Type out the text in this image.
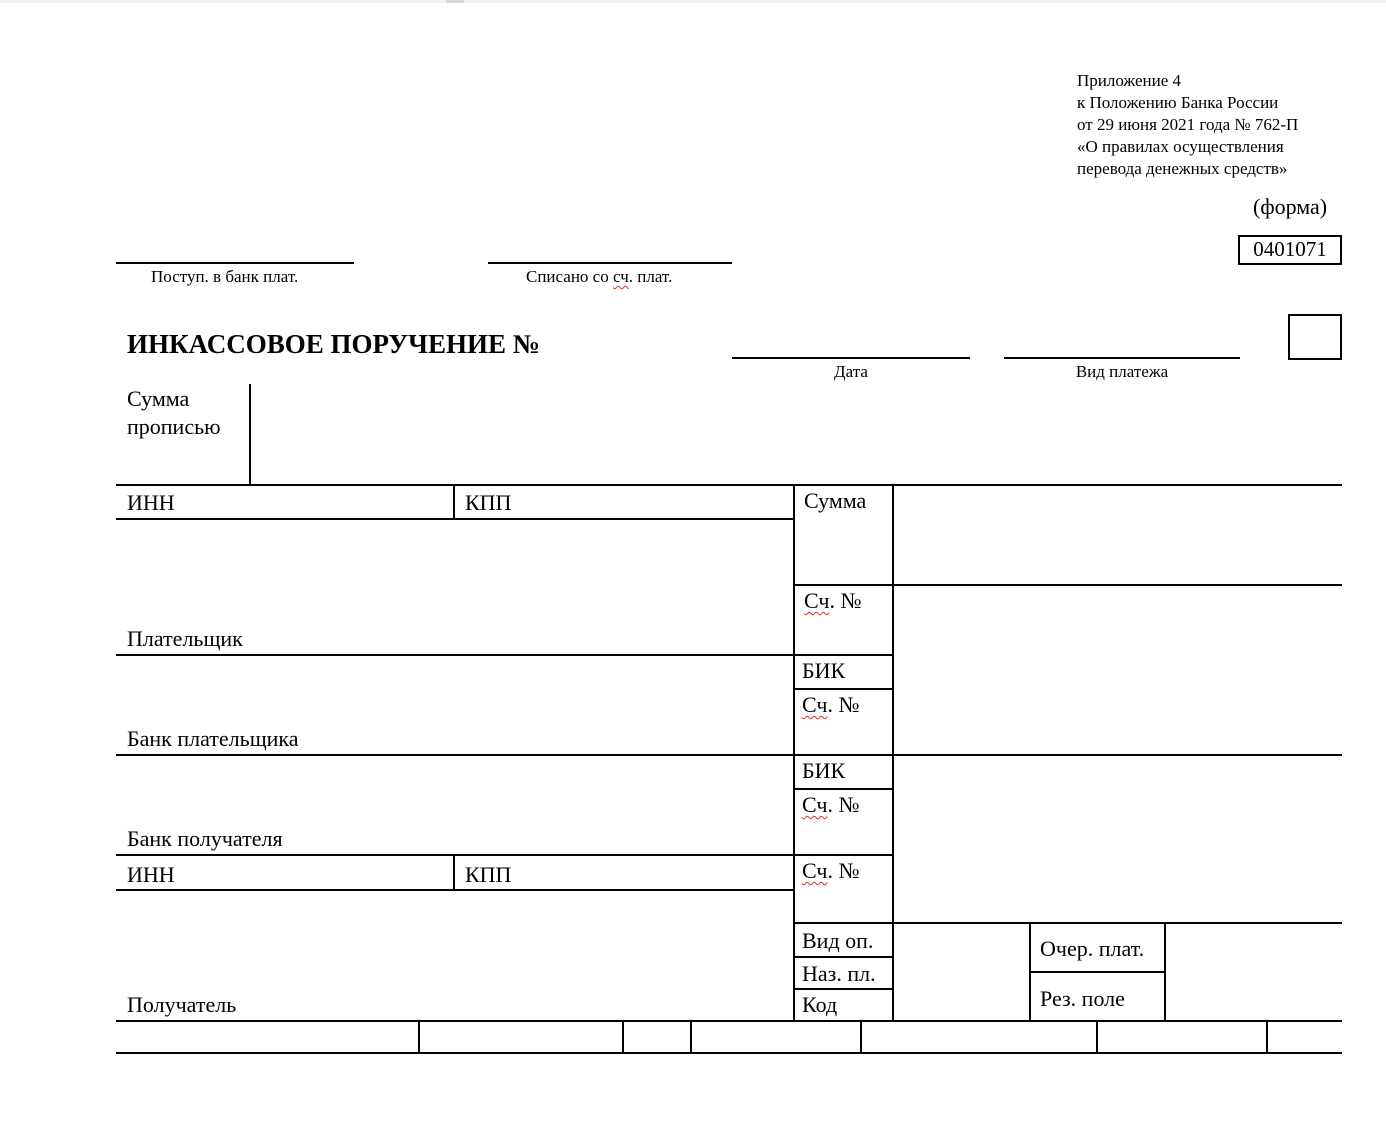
Приложение 4
к Положению Банка России
от 29 июня 2021 года № 762-П
«О правилах осуществления
перевода денежных средств»
(форма)
0401071
Поступ. в банк плат.	Списано со сч. плат.
ИНКАССОВОЕ ПОРУЧЕНИЕ №
Дата	Вид платежа
Сумма
прописью
ИНН	КПП
Плательщик
Банк плательщика
Банк получателя
ИНН	КПП
Получатель
Сумма
Сч. №
БИК
Сч. №
БИК
Сч. №
Сч. №
Вид оп.
Наз. пл.
Код
Очер. плат.
Рез. поле
